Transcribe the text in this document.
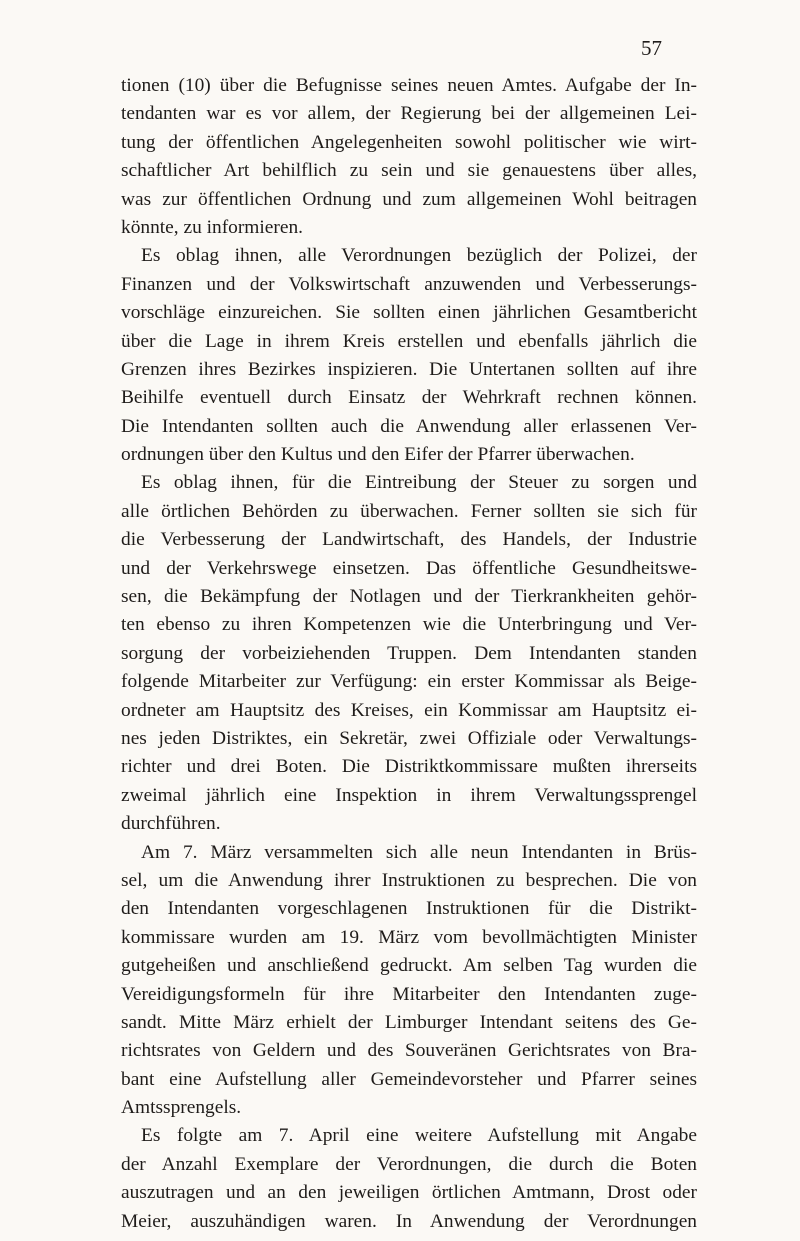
57
tionen (10) über die Befugnisse seines neuen Amtes. Aufgabe der In-
tendanten war es vor allem, der Regierung bei der allgemeinen Lei-
tung der öffentlichen Angelegenheiten sowohl politischer wie wirt-
schaftlicher Art behilflich zu sein und sie genauestens über alles,
was zur öffentlichen Ordnung und zum allgemeinen Wohl beitragen
könnte, zu informieren.
Es oblag ihnen, alle Verordnungen bezüglich der Polizei, der
Finanzen und der Volkswirtschaft anzuwenden und Verbesserungs-
vorschläge einzureichen. Sie sollten einen jährlichen Gesamtbericht
über die Lage in ihrem Kreis erstellen und ebenfalls jährlich die
Grenzen ihres Bezirkes inspizieren. Die Untertanen sollten auf ihre
Beihilfe eventuell durch Einsatz der Wehrkraft rechnen können.
Die Intendanten sollten auch die Anwendung aller erlassenen Ver-
ordnungen über den Kultus und den Eifer der Pfarrer überwachen.
Es oblag ihnen, für die Eintreibung der Steuer zu sorgen und
alle örtlichen Behörden zu überwachen. Ferner sollten sie sich für
die Verbesserung der Landwirtschaft, des Handels, der Industrie
und der Verkehrswege einsetzen. Das öffentliche Gesundheitswe-
sen, die Bekämpfung der Notlagen und der Tierkrankheiten gehör-
ten ebenso zu ihren Kompetenzen wie die Unterbringung und Ver-
sorgung der vorbeiziehenden Truppen. Dem Intendanten standen
folgende Mitarbeiter zur Verfügung: ein erster Kommissar als Beige-
ordneter am Hauptsitz des Kreises, ein Kommissar am Hauptsitz ei-
nes jeden Distriktes, ein Sekretär, zwei Offiziale oder Verwaltungs-
richter und drei Boten. Die Distriktkommissare mußten ihrerseits
zweimal jährlich eine Inspektion in ihrem Verwaltungssprengel
durchführen.
Am 7. März versammelten sich alle neun Intendanten in Brüs-
sel, um die Anwendung ihrer Instruktionen zu besprechen. Die von
den Intendanten vorgeschlagenen Instruktionen für die Distrikt-
kommissare wurden am 19. März vom bevollmächtigten Minister
gutgeheißen und anschließend gedruckt. Am selben Tag wurden die
Vereidigungsformeln für ihre Mitarbeiter den Intendanten zuge-
sandt. Mitte März erhielt der Limburger Intendant seitens des Ge-
richtsrates von Geldern und des Souveränen Gerichtsrates von Bra-
bant eine Aufstellung aller Gemeindevorsteher und Pfarrer seines
Amtssprengels.
Es folgte am 7. April eine weitere Aufstellung mit Angabe
der Anzahl Exemplare der Verordnungen, die durch die Boten
auszutragen und an den jeweiligen örtlichen Amtmann, Drost oder
Meier, auszuhändigen waren. In Anwendung der Verordnungen
